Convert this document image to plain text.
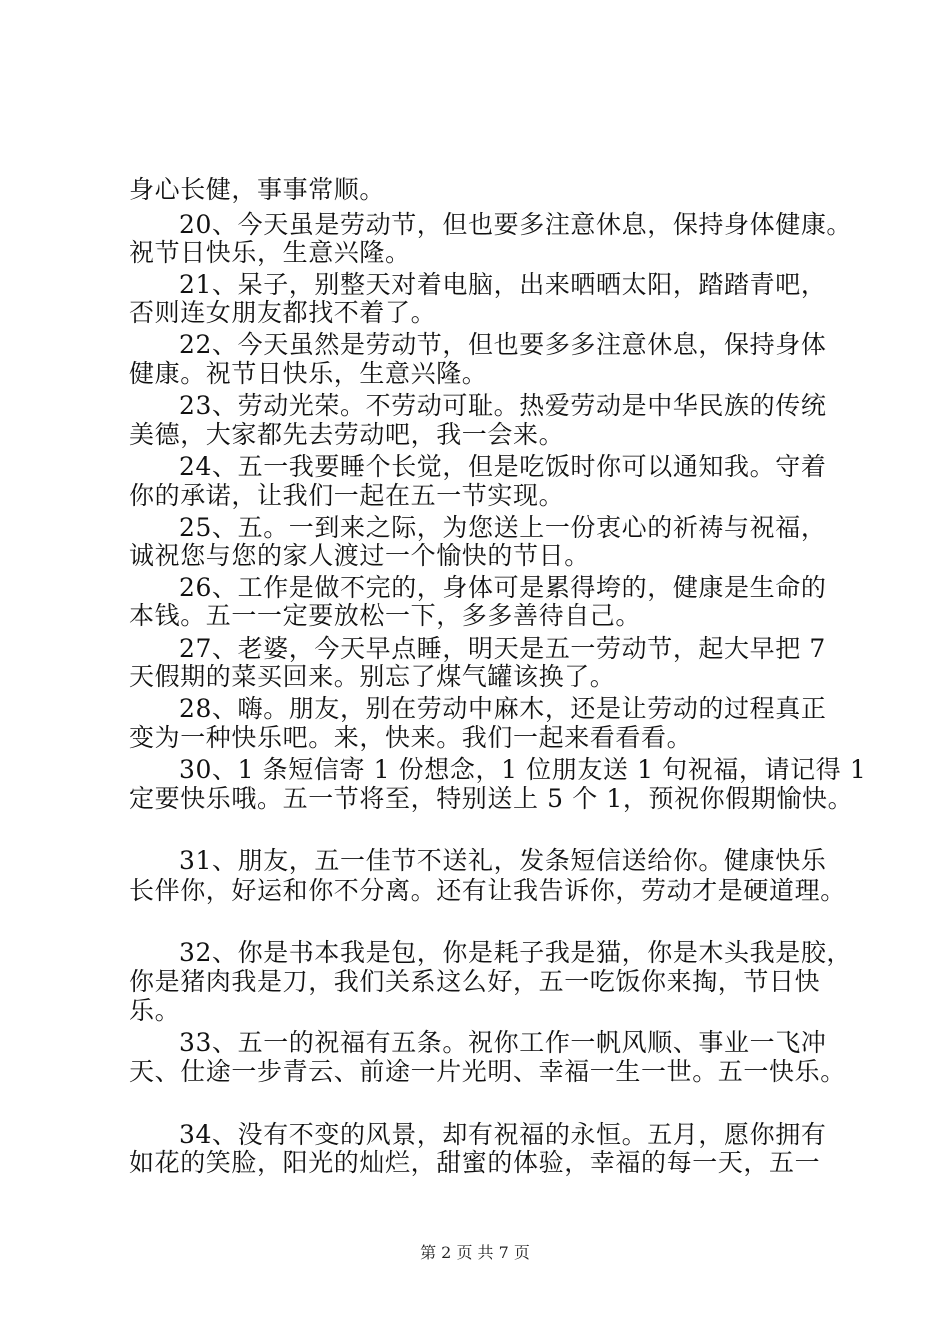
身心长健，事事常顺。
20、今天虽是劳动节，但也要多注意休息，保持身体健康。
祝节日快乐，生意兴隆。
21、呆子，别整天对着电脑，出来晒晒太阳，踏踏青吧，
否则连女朋友都找不着了。
22、今天虽然是劳动节，但也要多多注意休息，保持身体
健康。祝节日快乐，生意兴隆。
23、劳动光荣。不劳动可耻。热爱劳动是中华民族的传统
美德，大家都先去劳动吧，我一会来。
24、五一我要睡个长觉，但是吃饭时你可以通知我。守着
你的承诺，让我们一起在五一节实现。
25、五。一到来之际，为您送上一份衷心的祈祷与祝福，
诚祝您与您的家人渡过一个愉快的节日。
26、工作是做不完的，身体可是累得垮的，健康是生命的
本钱。五一一定要放松一下，多多善待自己。
27、老婆，今天早点睡，明天是五一劳动节，起大早把 7
天假期的菜买回来。别忘了煤气罐该换了。
28、嗨。朋友，别在劳动中麻木，还是让劳动的过程真正
变为一种快乐吧。来，快来。我们一起来看看看。
30、1 条短信寄 1 份想念，1 位朋友送 1 句祝福，请记得 1
定要快乐哦。五一节将至，特别送上 5 个 1，预祝你假期愉快。
31、朋友，五一佳节不送礼，发条短信送给你。健康快乐
长伴你，好运和你不分离。还有让我告诉你，劳动才是硬道理。
32、你是书本我是包，你是耗子我是猫，你是木头我是胶，
你是猪肉我是刀，我们关系这么好，五一吃饭你来掏，节日快
乐。
33、五一的祝福有五条。祝你工作一帆风顺、事业一飞冲
天、仕途一步青云、前途一片光明、幸福一生一世。五一快乐。
34、没有不变的风景，却有祝福的永恒。五月，愿你拥有
如花的笑脸，阳光的灿烂，甜蜜的体验，幸福的每一天，五一
第 2 页 共 7 页
